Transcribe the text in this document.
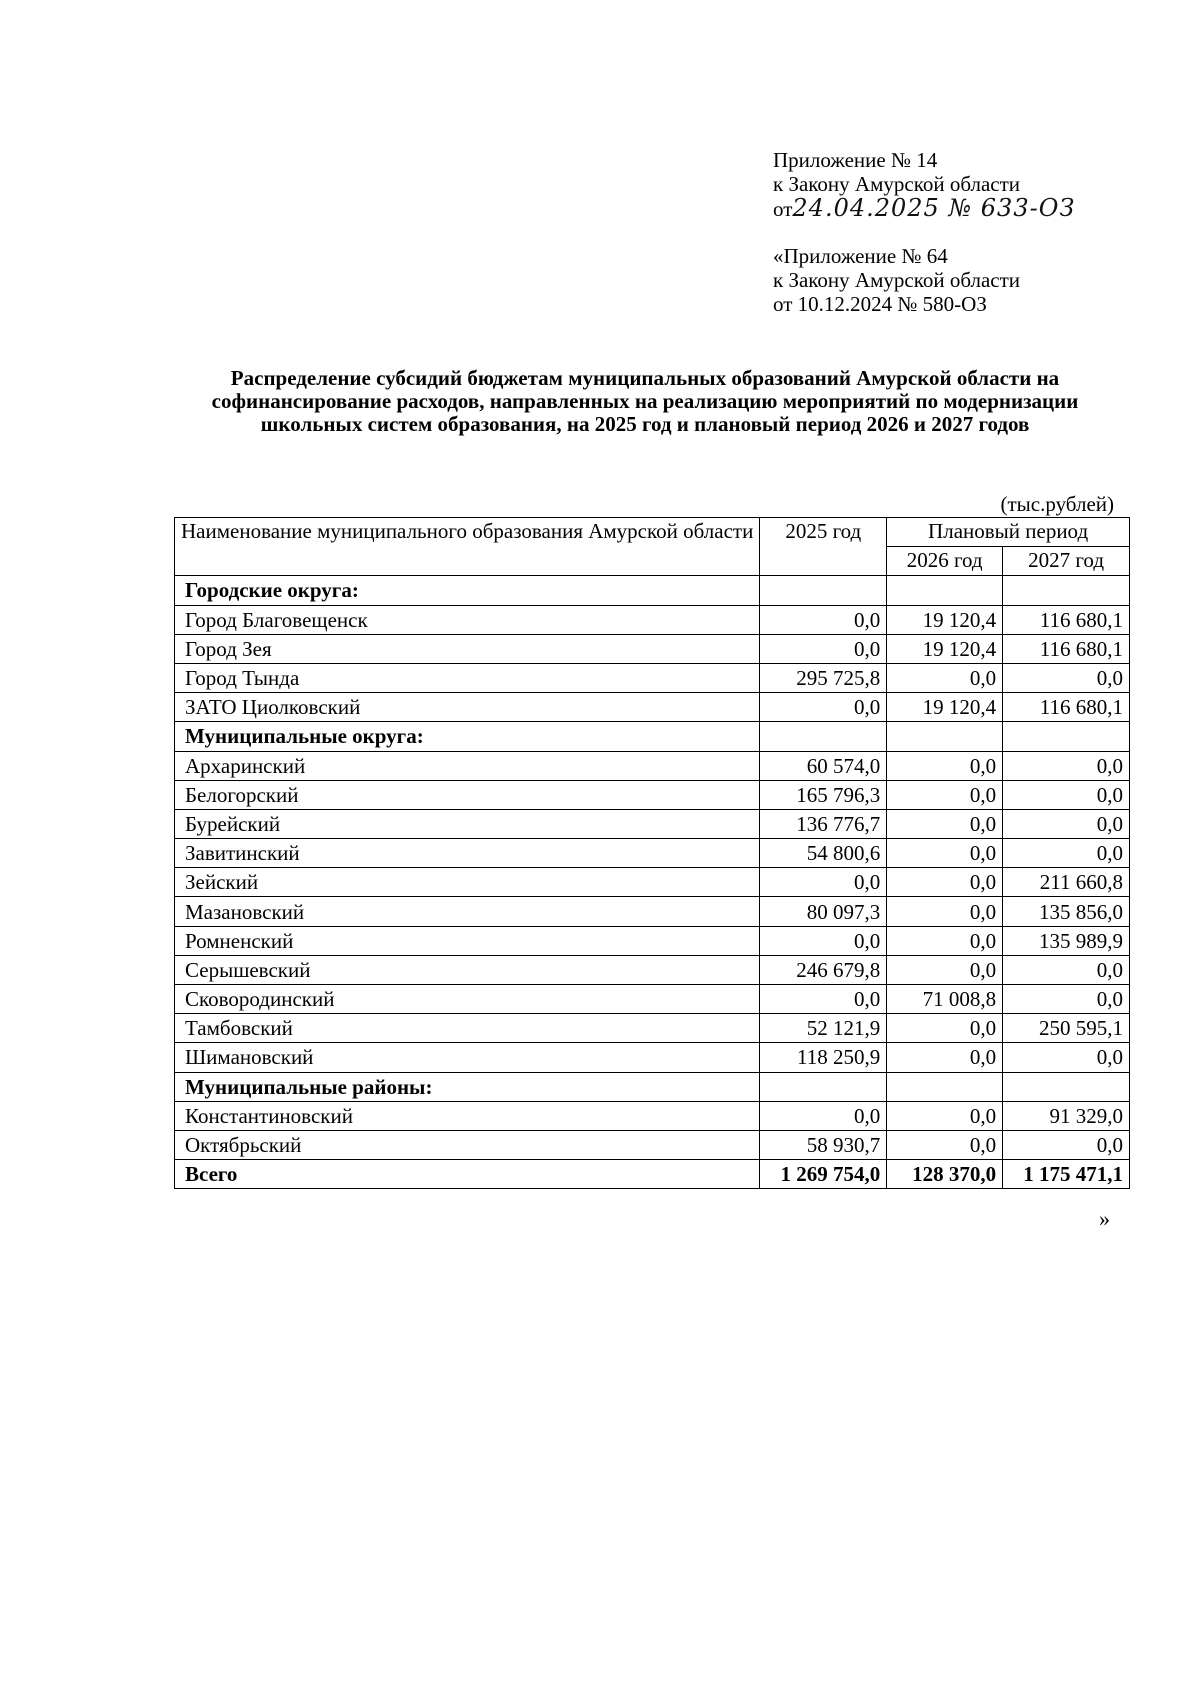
Приложение № 14
к Закону Амурской области
от24.04.2025 № 633-ОЗ
«Приложение № 64
к Закону Амурской области
от 10.12.2024 № 580-ОЗ
Распределение субсидий бюджетам муниципальных образований Амурской области на софинансирование расходов, направленных на реализацию мероприятий по модернизации школьных систем образования, на 2025 год и плановый период 2026 и 2027 годов
(тыс.рублей)
Наименование муниципального образования Амурской области	2025 год	Плановый период	
		2026 год	2027 год
Городские округа:			
Город Благовещенск	0,0	19 120,4	116 680,1
Город Зея	0,0	19 120,4	116 680,1
Город Тында	295 725,8	0,0	0,0
ЗАТО Циолковский	0,0	19 120,4	116 680,1
Муниципальные округа:			
Архаринский	60 574,0	0,0	0,0
Белогорский	165 796,3	0,0	0,0
Бурейский	136 776,7	0,0	0,0
Завитинский	54 800,6	0,0	0,0
Зейский	0,0	0,0	211 660,8
Мазановский	80 097,3	0,0	135 856,0
Ромненский	0,0	0,0	135 989,9
Серышевский	246 679,8	0,0	0,0
Сковородинский	0,0	71 008,8	0,0
Тамбовский	52 121,9	0,0	250 595,1
Шимановский	118 250,9	0,0	0,0
Муниципальные районы:			
Константиновский	0,0	0,0	91 329,0
Октябрьский	58 930,7	0,0	0,0
Всего	1 269 754,0	128 370,0	1 175 471,1
»
